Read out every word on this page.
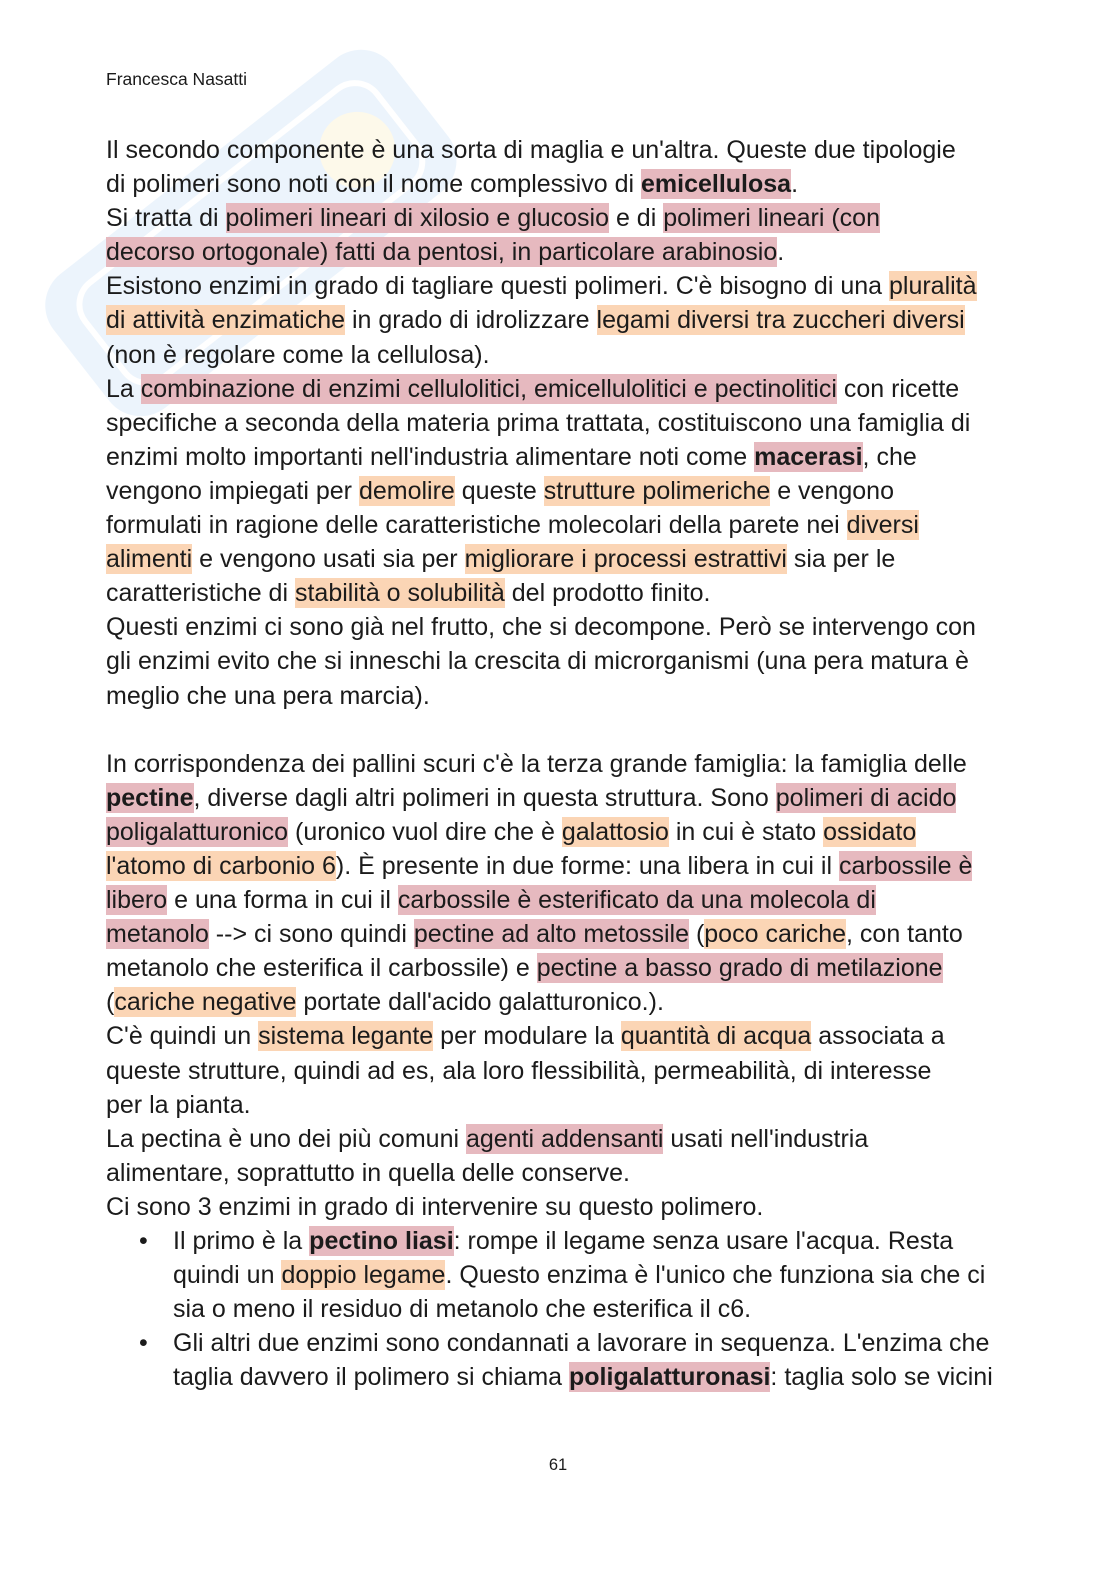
Francesca Nasatti
Il secondo componente è una sorta di maglia e un'altra. Queste due tipologie
di polimeri sono noti con il nome complessivo di emicellulosa.
Si tratta di polimeri lineari di xilosio e glucosio e di polimeri lineari (con
decorso ortogonale) fatti da pentosi, in particolare arabinosio.
Esistono enzimi in grado di tagliare questi polimeri. C'è bisogno di una pluralità
di attività enzimatiche in grado di idrolizzare legami diversi tra zuccheri diversi
(non è regolare come la cellulosa).
La combinazione di enzimi cellulolitici, emicellulolitici e pectinolitici con ricette
specifiche a seconda della materia prima trattata, costituiscono una famiglia di
enzimi molto importanti nell'industria alimentare noti come macerasi, che
vengono impiegati per demolire queste strutture polimeriche e vengono
formulati in ragione delle caratteristiche molecolari della parete nei diversi
alimenti e vengono usati sia per migliorare i processi estrattivi sia per le
caratteristiche di stabilità o solubilità del prodotto finito.
Questi enzimi ci sono già nel frutto, che si decompone. Però se intervengo con
gli enzimi evito che si inneschi la crescita di microrganismi (una pera matura è
meglio che una pera marcia).
In corrispondenza dei pallini scuri c'è la terza grande famiglia: la famiglia delle
pectine, diverse dagli altri polimeri in questa struttura. Sono polimeri di acido
poligalatturonico (uronico vuol dire che è galattosio in cui è stato ossidato
l'atomo di carbonio 6). È presente in due forme: una libera in cui il carbossile è
libero e una forma in cui il carbossile è esterificato da una molecola di
metanolo --> ci sono quindi pectine ad alto metossile (poco cariche, con tanto
metanolo che esterifica il carbossile) e pectine a basso grado di metilazione
(cariche negative portate dall'acido galatturonico.).
C'è quindi un sistema legante per modulare la quantità di acqua associata a
queste strutture, quindi ad es, ala loro flessibilità, permeabilità, di interesse
per la pianta.
La pectina è uno dei più comuni agenti addensanti usati nell'industria
alimentare, soprattutto in quella delle conserve.
Ci sono 3 enzimi in grado di intervenire su questo polimero.
• Il primo è la pectino liasi: rompe il legame senza usare l'acqua. Resta
quindi un doppio legame. Questo enzima è l'unico che funziona sia che ci
sia o meno il residuo di metanolo che esterifica il c6.
• Gli altri due enzimi sono condannati a lavorare in sequenza. L'enzima che
taglia davvero il polimero si chiama poligalatturonasi: taglia solo se vicini
61
